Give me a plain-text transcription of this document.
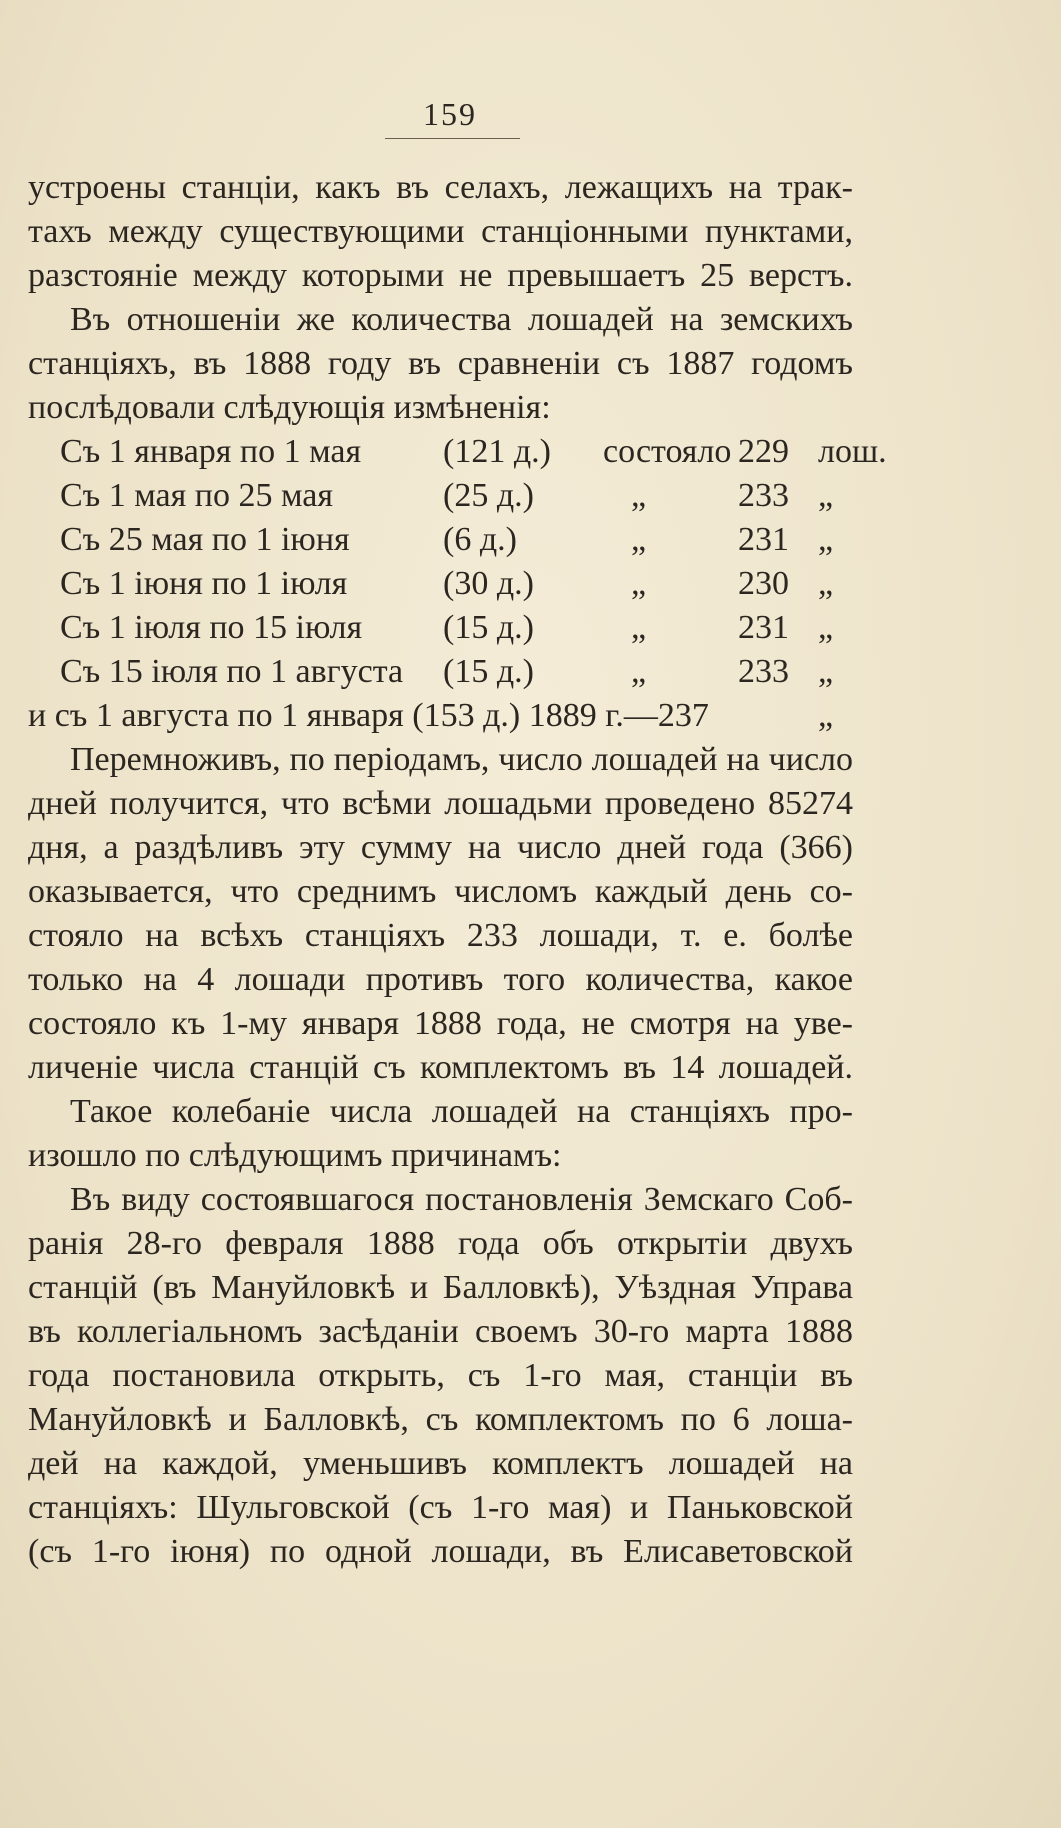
159
устроены станціи, какъ въ селахъ, лежащихъ на трак-
тахъ между существующими станціонными пунктами,
разстояніе между которыми не превышаетъ 25 верстъ.
Въ отношеніи же количества лошадей на земскихъ
станціяхъ, въ 1888 году въ сравненіи съ 1887 годомъ
послѣдовали слѣдующія измѣненія:
Съ 1 января по 1 мая (121 д.) состояло 229 лош.
Съ 1 мая по 25 мая	(25 д.)	„	233 „
Съ 25 мая по 1 іюня	(6 д.)	„	231 „
Съ 1 іюня по 1 іюля	(30 д.)	„	230 „
Съ 1 іюля по 15 іюля (15 д.)	„	231 „
Съ 15 іюля по 1 августа (15 д.)	„	233 „
и съ 1 августа по 1 января (153 д.) 1889 г.—237	„
Перемноживъ, по періодамъ, число лошадей на число
дней получится, что всѣми лошадьми проведено 85274
дня, а раздѣливъ эту сумму на число дней года (366)
оказывается, что среднимъ числомъ каждый день со-
стояло на всѣхъ станціяхъ 233 лошади, т. е. болѣе
только на 4 лошади противъ того количества, какое
состояло къ 1-му января 1888 года, не смотря на уве-
личеніе числа станцій съ комплектомъ въ 14 лошадей.
Такое колебаніе числа лошадей на станціяхъ про-
изошло по слѣдующимъ причинамъ:
Въ виду состоявшагося постановленія Земскаго Соб-
ранія 28-го февраля 1888 года объ открытіи двухъ
станцій (въ Мануйловкѣ и Балловкѣ), Уѣздная Управа
въ коллегіальномъ засѣданіи своемъ 30-го марта 1888
года постановила открыть, съ 1-го мая, станціи въ
Мануйловкѣ и Балловкѣ, съ комплектомъ по 6 лоша-
дей на каждой, уменьшивъ комплектъ лошадей на
станціяхъ: Шульговской (съ 1-го мая) и Паньковской
(съ 1-го іюня) по одной лошади, въ Елисаветовской
